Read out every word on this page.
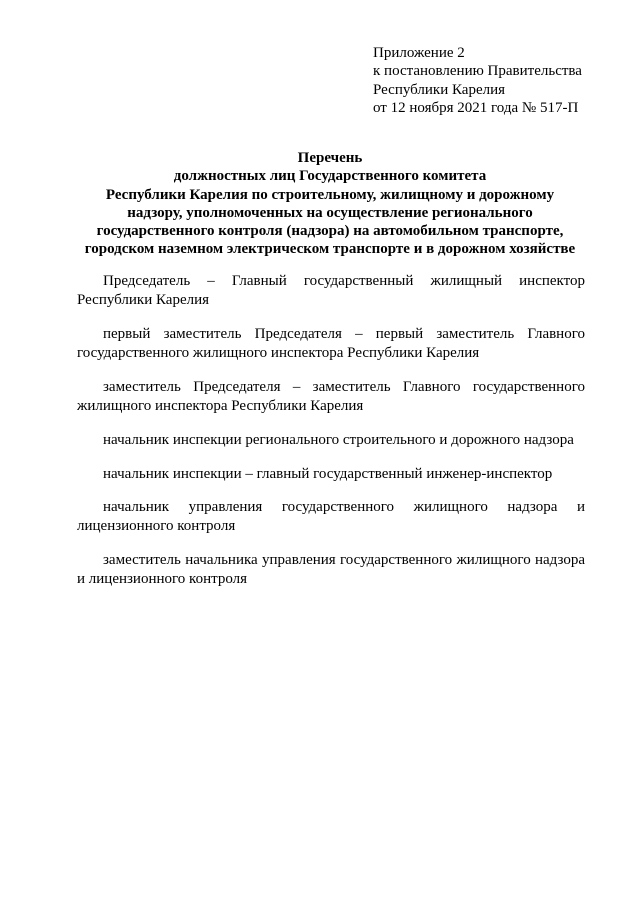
Приложение 2
к постановлению Правительства
Республики Карелия
от 12 ноября 2021 года № 517-П
Перечень
должностных лиц Государственного комитета
Республики Карелия по строительному, жилищному и дорожному
надзору, уполномоченных на осуществление регионального
государственного контроля (надзора) на автомобильном транспорте,
городском наземном электрическом транспорте и в дорожном хозяйстве

Председатель – Главный государственный жилищный инспектор Республики Карелия

первый заместитель Председателя – первый заместитель Главного государственного жилищного инспектора Республики Карелия

заместитель Председателя – заместитель Главного государственного жилищного инспектора Республики Карелия

начальник инспекции регионального строительного и дорожного надзора

начальник инспекции – главный государственный инженер-инспектор

начальник управления государственного жилищного надзора и лицензионного контроля

заместитель начальника управления государственного жилищного надзора и лицензионного контроля
